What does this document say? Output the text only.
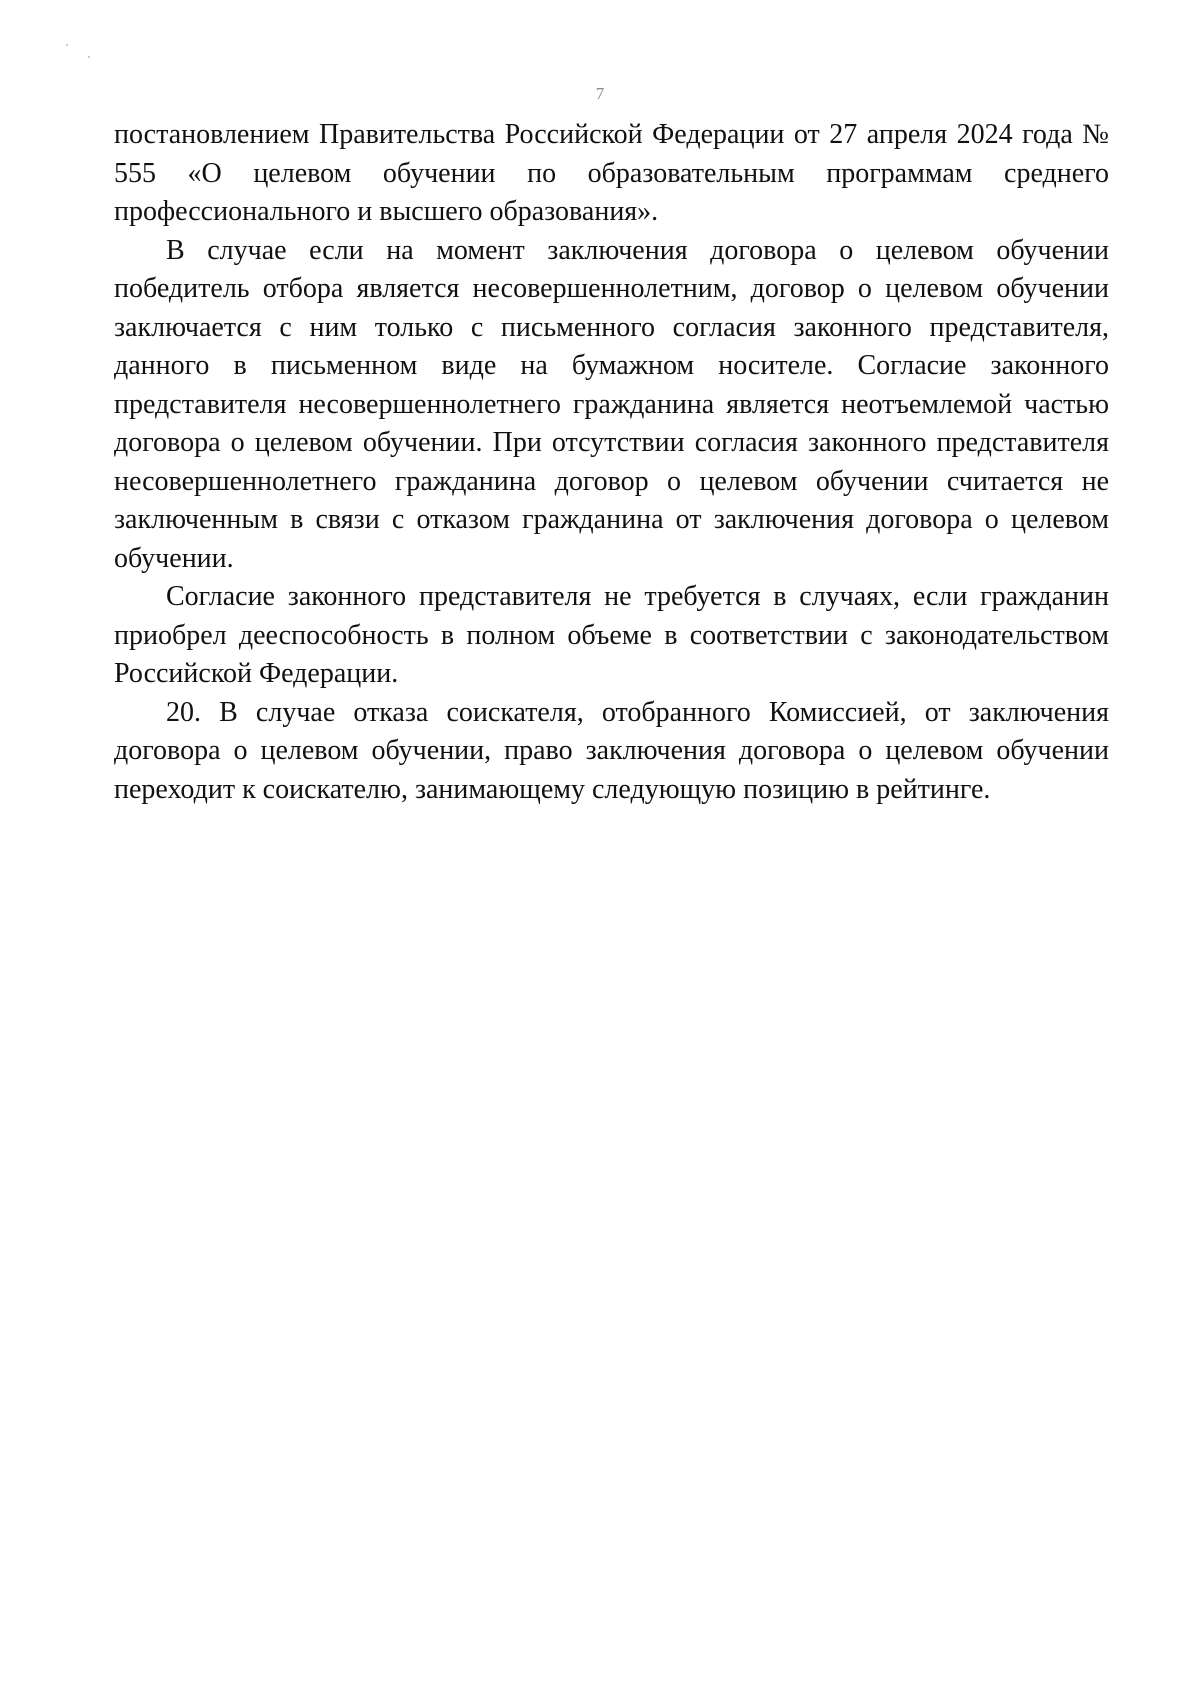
7

постановлением Правительства Российской Федерации от 27 апреля 2024 года № 555 «О целевом обучении по образовательным программам среднего профессионального и высшего образования».

В случае если на момент заключения договора о целевом обучении победитель отбора является несовершеннолетним, договор о целевом обучении заключается с ним только с письменного согласия законного представителя, данного в письменном виде на бумажном носителе. Согласие законного представителя несовершеннолетнего гражданина является неотъемлемой частью договора о целевом обучении. При отсутствии согласия законного представителя несовершеннолетнего гражданина договор о целевом обучении считается не заключенным в связи с отказом гражданина от заключения договора о целевом обучении.

Согласие законного представителя не требуется в случаях, если гражданин приобрел дееспособность в полном объеме в соответствии с законодательством Российской Федерации.

20. В случае отказа соискателя, отобранного Комиссией, от заключения договора о целевом обучении, право заключения договора о целевом обучении переходит к соискателю, занимающему следующую позицию в рейтинге.
